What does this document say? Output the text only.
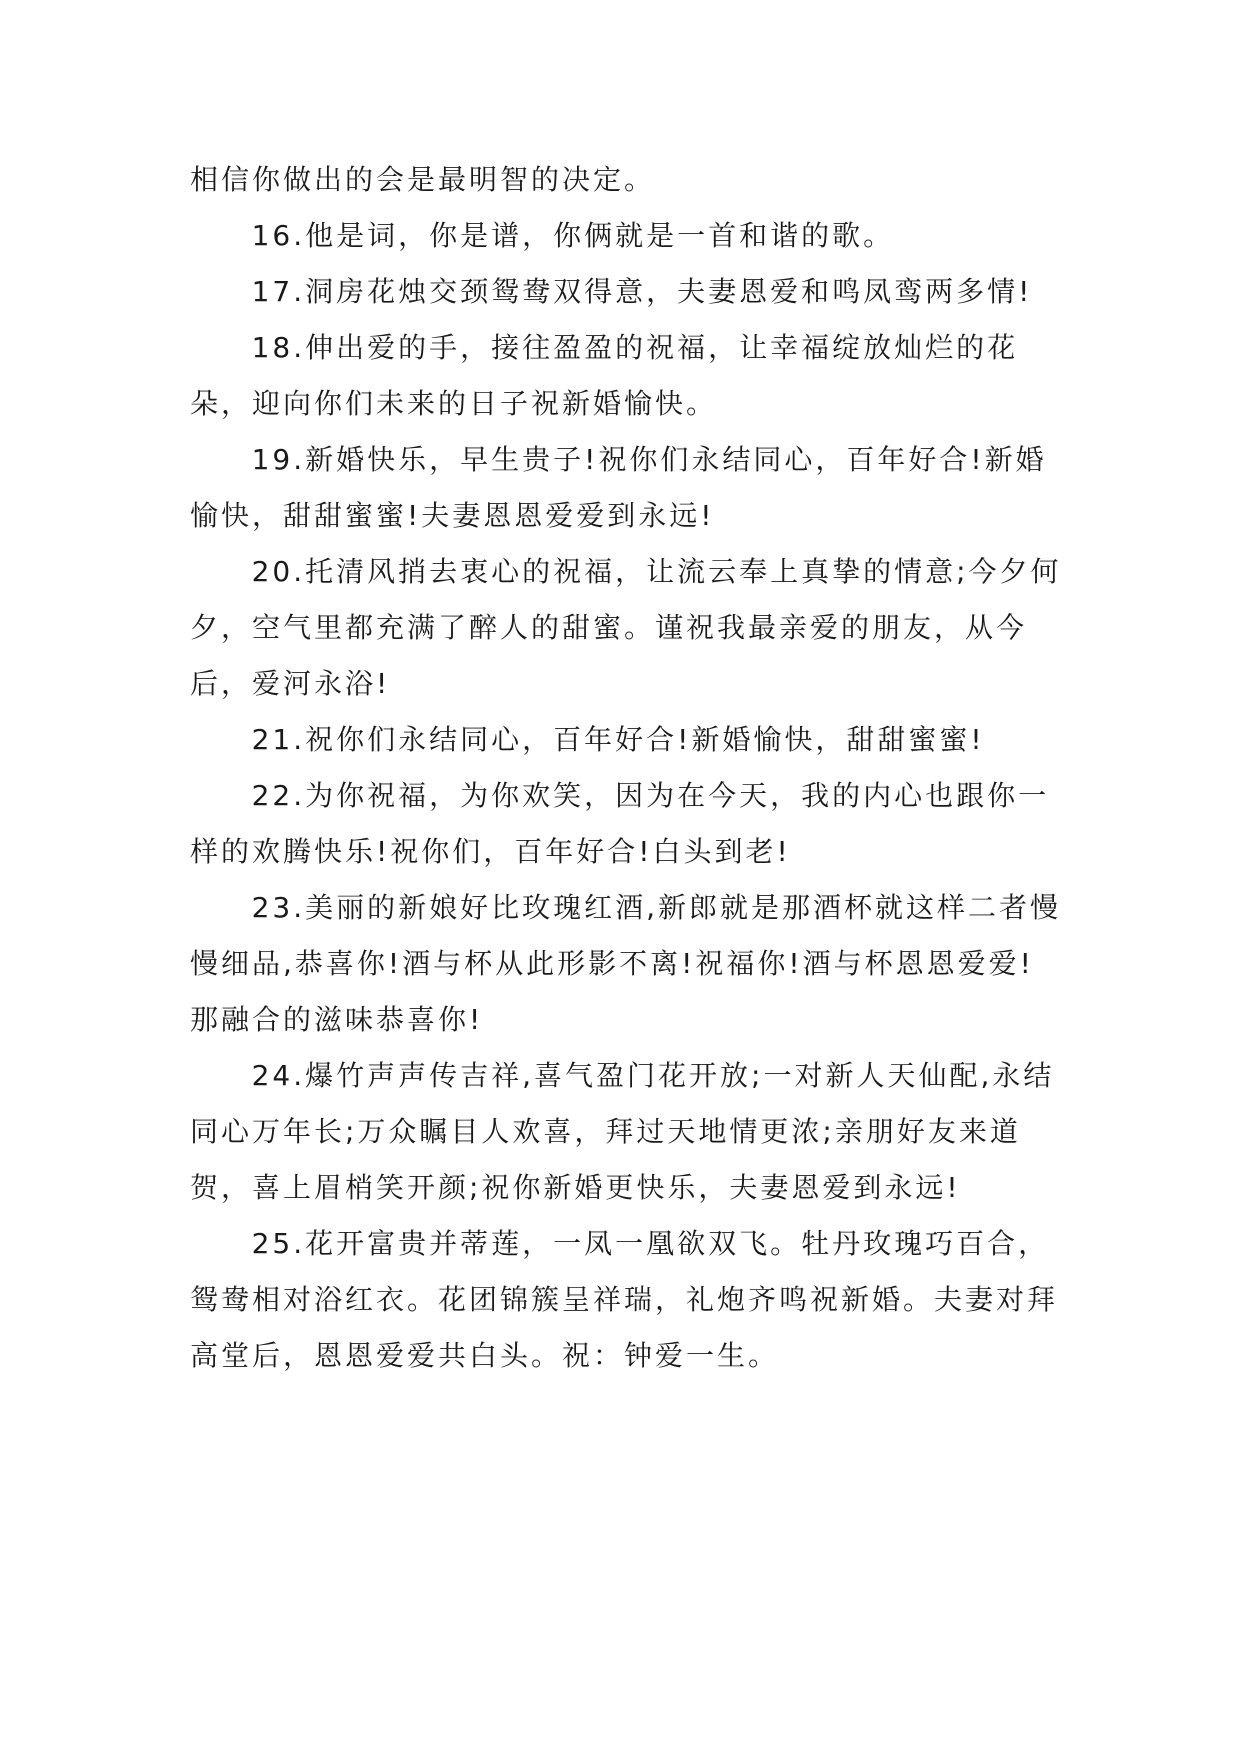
相信你做出的会是最明智的决定。

16.他是词，你是谱，你俩就是一首和谐的歌。

17.洞房花烛交颈鸳鸯双得意，夫妻恩爱和鸣凤鸾两多情!

18.伸出爱的手，接往盈盈的祝福，让幸福绽放灿烂的花朵，迎向你们未来的日子祝新婚愉快。

19.新婚快乐，早生贵子!祝你们永结同心，百年好合!新婚愉快，甜甜蜜蜜!夫妻恩恩爱爱到永远!

20.托清风捎去衷心的祝福，让流云奉上真挚的情意;今夕何夕，空气里都充满了醉人的甜蜜。谨祝我最亲爱的朋友，从今后，爱河永浴!

21.祝你们永结同心，百年好合!新婚愉快，甜甜蜜蜜!

22.为你祝福，为你欢笑，因为在今天，我的内心也跟你一样的欢腾快乐!祝你们，百年好合!白头到老!

23.美丽的新娘好比玫瑰红酒,新郎就是那酒杯就这样二者慢慢细品,恭喜你!酒与杯从此形影不离!祝福你!酒与杯恩恩爱爱! 那融合的滋味恭喜你!

24.爆竹声声传吉祥,喜气盈门花开放;一对新人天仙配,永结同心万年长;万众瞩目人欢喜，拜过天地情更浓;亲朋好友来道贺，喜上眉梢笑开颜;祝你新婚更快乐，夫妻恩爱到永远!

25.花开富贵并蒂莲，一凤一凰欲双飞。牡丹玫瑰巧百合，鸳鸯相对浴红衣。花团锦簇呈祥瑞，礼炮齐鸣祝新婚。夫妻对拜高堂后，恩恩爱爱共白头。祝：钟爱一生。
